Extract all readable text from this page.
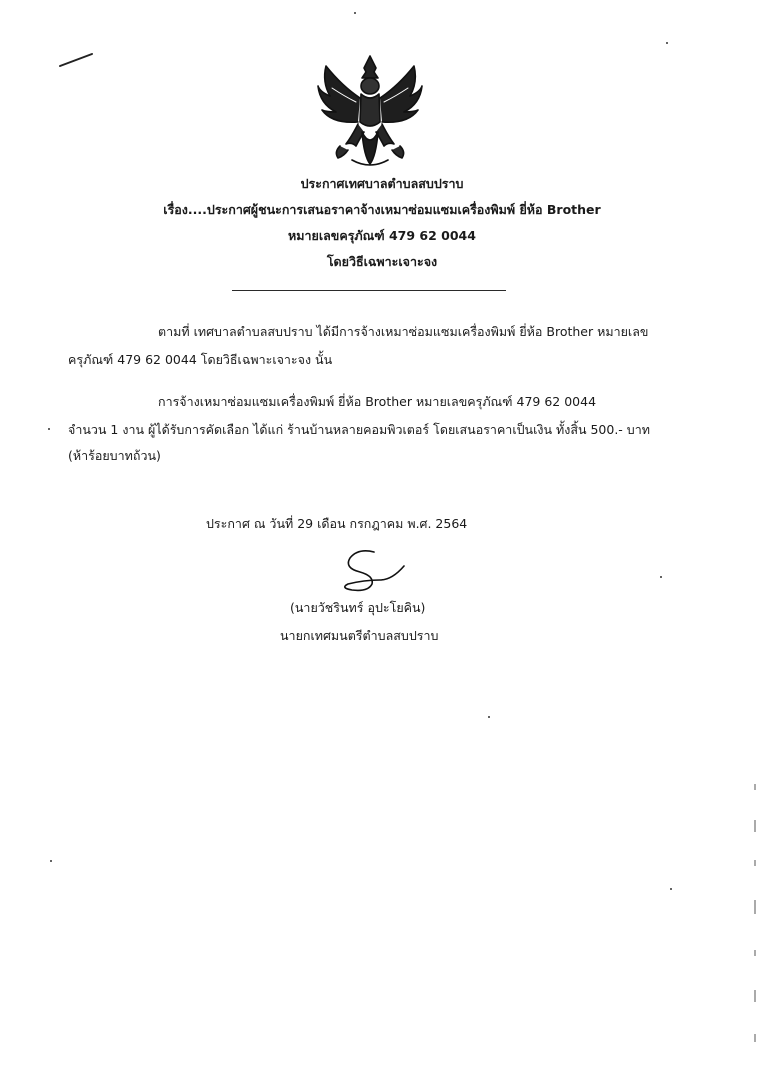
ประกาศเทศบาลตำบลสบปราบ
เรื่อง....ประกาศผู้ชนะการเสนอราคาจ้างเหมาซ่อมแซมเครื่องพิมพ์ ยี่ห้อ Brother
หมายเลขครุภัณฑ์ 479 62 0044
โดยวิธีเฉพาะเจาะจง
ตามที่ เทศบาลตำบลสบปราบ ได้มีการจ้างเหมาซ่อมแซมเครื่องพิมพ์ ยี่ห้อ Brother หมายเลข
ครุภัณฑ์ 479 62 0044 โดยวิธีเฉพาะเจาะจง นั้น
การจ้างเหมาซ่อมแซมเครื่องพิมพ์ ยี่ห้อ Brother หมายเลขครุภัณฑ์ 479 62 0044
จำนวน 1 งาน ผู้ได้รับการคัดเลือก ได้แก่ ร้านบ้านหลายคอมพิวเตอร์ โดยเสนอราคาเป็นเงิน ทั้งสิ้น 500.- บาท
(ห้าร้อยบาทถ้วน)
ประกาศ ณ วันที่ 29 เดือน กรกฎาคม พ.ศ. 2564
(นายวัชรินทร์ อุปะโยคิน)
นายกเทศมนตรีตำบลสบปราบ
